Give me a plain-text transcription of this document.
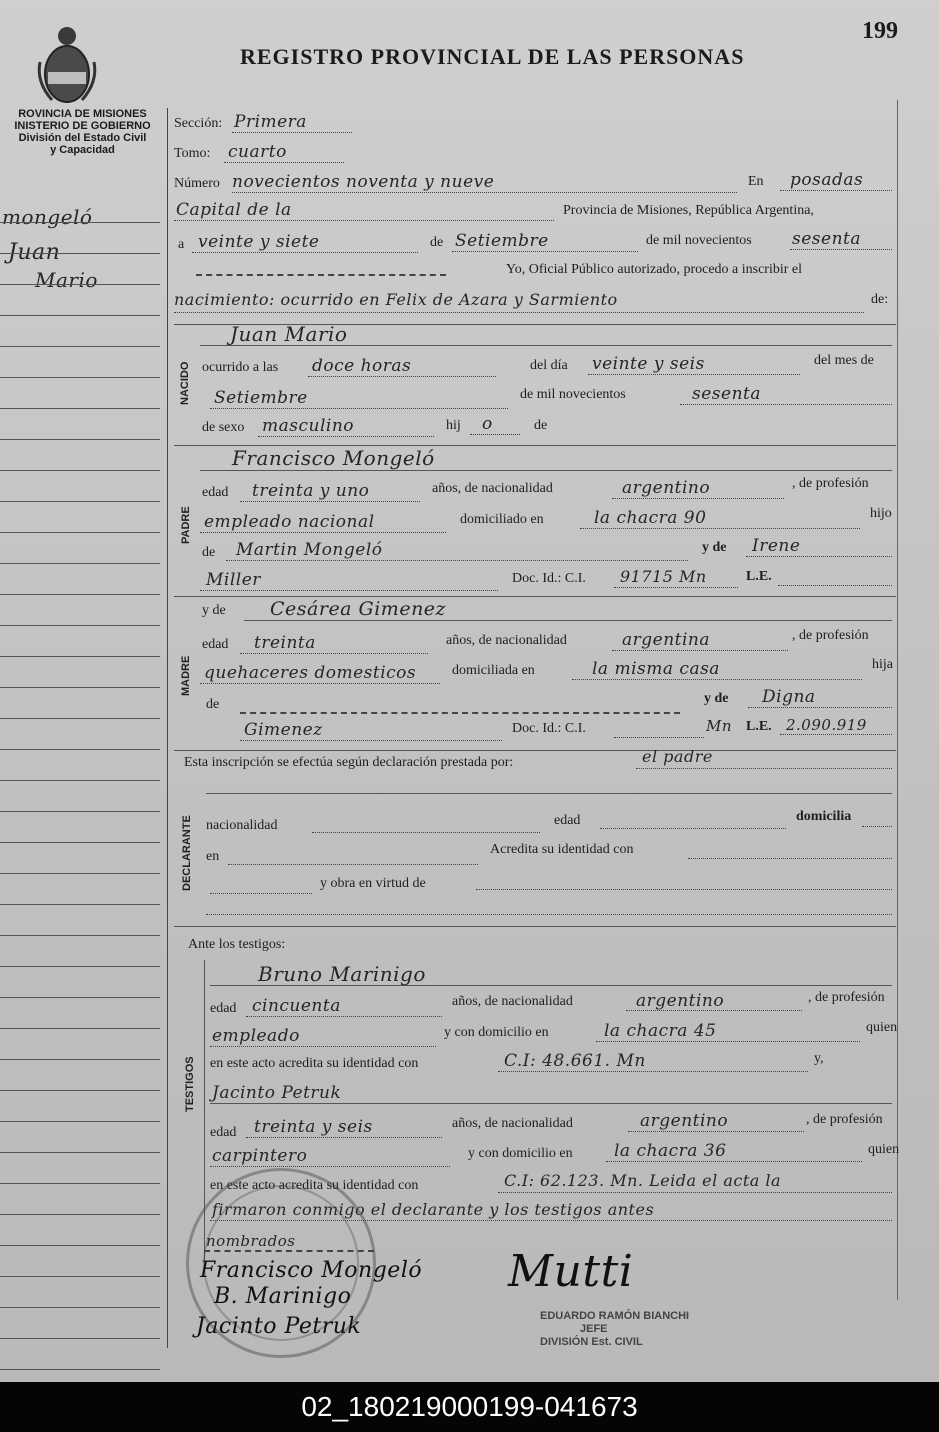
ROVINCIA DE MISIONES
INISTERIO DE GOBIERNO
División del Estado Civil
y Capacidad
REGISTRO PROVINCIAL DE LAS PERSONAS
199
mongeló
Juan
Mario
Sección: Primera
Tomo: cuarto
Número novecientos noventa y nueve	En posadas
Capital de la	Provincia de Misiones, República Argentina,
a veinte y siete	de Setiembre	de mil novecientos sesenta
Yo, Oficial Público autorizado, procedo a inscribir el
nacimiento: ocurrido en Felix de Azara y Sarmiento	de:
NACIDO
Juan Mario
ocurrido a las doce horas	del día veinte y seis	del mes de
Setiembre	de mil novecientos	sesenta
de sexo masculino	hij o	de
PADRE
Francisco Mongeló
edad treinta y uno	años, de nacionalidad	argentino	, de profesión
empleado nacional	domiciliado en	la chacra 90	hijo
de Martin Mongeló	y de Irene
Miller	Doc. Id.: C.I. 91715 Mn	L.E.
MADRE
y de Cesárea Gimenez
edad treinta	años, de nacionalidad	argentina	, de profesión
quehaceres domesticos	domiciliada en	la misma casa	hija
de	y de Digna
Gimenez	Doc. Id.: C.I.	Mn L.E. 2.090.919
Esta inscripción se efectúa según declaración prestada por:	el padre
DECLARANTE nacionalidad	edad	domicilia
en	Acredita su identidad con
y obra en virtud de
Ante los testigos:
TESTIGOS
Bruno Marinigo
edad cincuenta	años, de nacionalidad	argentino	, de profesión
empleado	y con domicilio en	la chacra 45	quien
en este acto acredita su identidad con	C.I: 48.661. Mn	y,
Jacinto Petruk
edad treinta y seis	años, de nacionalidad	argentino	, de profesión
carpintero	y con domicilio en la chacra 36	quien
en este acto acredita su identidad con	C.I: 62.123. Mn. Leida el acta la
firmaron conmigo el declarante y los testigos antes
nombrados
Francisco Mongeló
B. Marinigo
Jacinto Petruk
Mutti
EDUARDO RAMÓN BIANCHI
JEFE
DIVISIÓN Est. CIVIL
02_180219000199-041673
